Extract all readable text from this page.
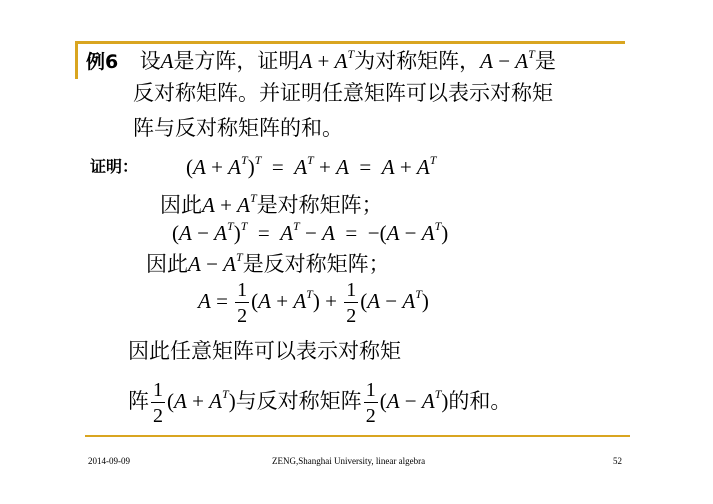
例6 设A是方阵，证明$A + A^T$为对称矩阵，$A - A^T$是
反对称矩阵。并证明任意矩阵可以表示对称矩
阵与反对称矩阵的和。
证明： $(A + A^T)^T = A^T + A = A + A^T$
因此$A + A^T$是对称矩阵；
$(A - A^T)^T = A^T - A = -(A - A^T)$
因此$A - A^T$是反对称矩阵；
$A = \frac{1}{2} (A + A^T) + \frac{1}{2} (A - A^T)$
因此任意矩阵可以表示对称矩
阵 $\frac{1}{2} (A + A^T)$与反对称矩阵 $\frac{1}{2} (A - A^T)$的和。
2014-09-09	ZENG,Shanghai University, linear algebra	52
